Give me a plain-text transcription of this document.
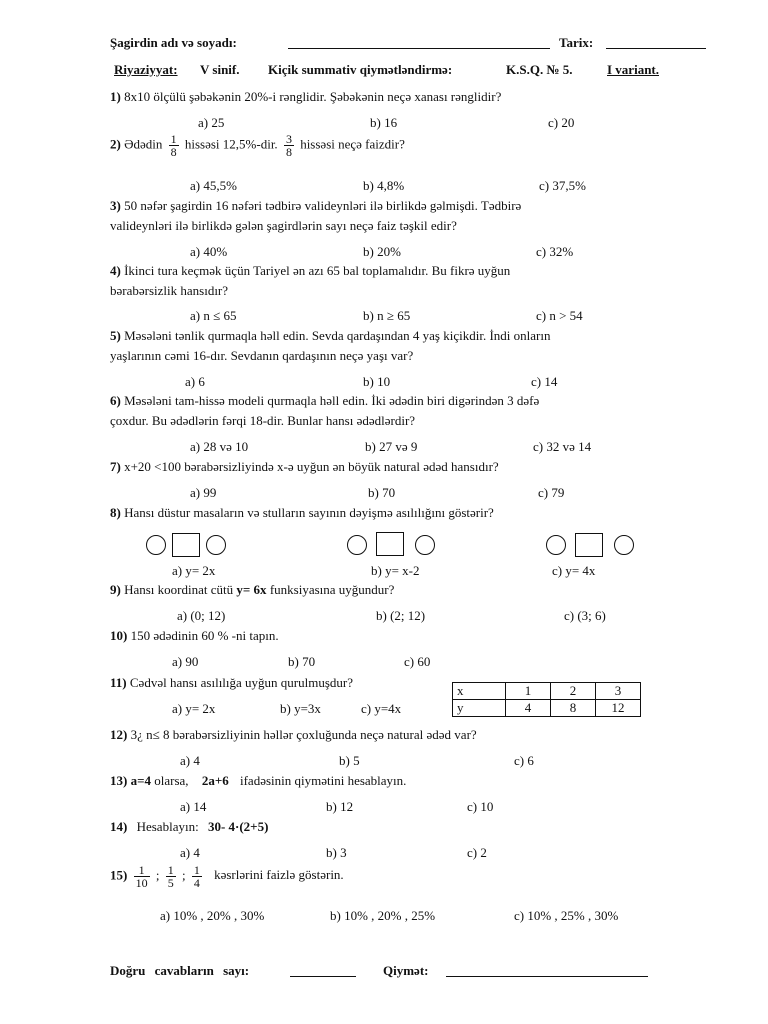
Şagirdin adı və soyadı:	Tarix:
Riyaziyyat: V sinif. Kiçik summativ qiymətləndirmə:	K.S.Q. № 5.	I variant.
1) 8x10 ölçülü şəbəkənin 20%-i rənglidir. Şəbəkənin neçə xanası rənglidir?
a) 25	b) 16	c) 20
2) Ədədin $\frac{1}{8}$ hissəsi 12,5%-dir. $\frac{3}{8}$ hissəsi neçə faizdir?
a) 45,5%	b) 4,8%	c) 37,5%
3) 50 nəfər şagirdin 16 nəfəri tədbirə valideynləri ilə birlikdə gəlmişdi. Tədbirə
valideynləri ilə birlikdə gələn şagirdlərin sayı neçə faiz təşkil edir?
a) 40%	b) 20%	c) 32%
4) İkinci tura keçmək üçün Tariyel ən azı 65 bal toplamalıdır. Bu fikrə uyğun
bərabərsizlik hansıdır?
a) n ≤ 65	b) n ≥ 65	c) n > 54
5) Məsələni tənlik qurmaqla həll edin. Sevda qardaşından 4 yaş kiçikdir. İndi onların
yaşlarının cəmi 16-dır. Sevdanın qardaşının neçə yaşı var?
a) 6	b) 10	c) 14
6) Məsələni tam-hissə modeli qurmaqla həll edin. İki ədədin biri digərindən 3 dəfə
çoxdur. Bu ədədlərin fərqi 18-dir. Bunlar hansı ədədlərdir?
a) 28 və 10	b) 27 və 9	c) 32 və 14
7) x+20 <100 bərabərsizliyində x-ə uyğun ən böyük natural ədəd hansıdır?
a) 99	b) 70	c) 79
8) Hansı düstur masaların və stulların sayının dəyişmə asılılığını göstərir?
a) y= 2x	b) y= x-2	c) y= 4x
9) Hansı koordinat cütü y= 6x funksiyasına uyğundur?
a) (0; 12)	b) (2; 12)	c) (3; 6)
10) 150 ədədinin 60 % -ni tapın.
a) 90	b) 70	c) 60
11) Cədvəl hansı asılılığa uyğun qurulmuşdur?
x	1	2	3
y	4	8	12
a) y= 2x	b) y=3x	c) y=4x
12) 3¿ n≤ 8 bərabərsizliyinin həllər çoxluğunda neçə natural ədəd var?
a) 4	b) 5	c) 6
13) a=4 olarsa, 2a+6 ifadəsinin qiymətini hesablayın.
a) 14	b) 12	c) 10
14) Hesablayın: 30- 4·(2+5)
a) 4	b) 3	c) 2
$15) \frac{1}{10}$ ; $\frac{1}{5}$ ; $\frac{1}{4}$ kəsrlərini faizlə göstərin.
a) 10% , 20% , 30%	b) 10% , 20% , 25%	c) 10% , 25% , 30%
Doğru cavabların sayı:	Qiymət:
